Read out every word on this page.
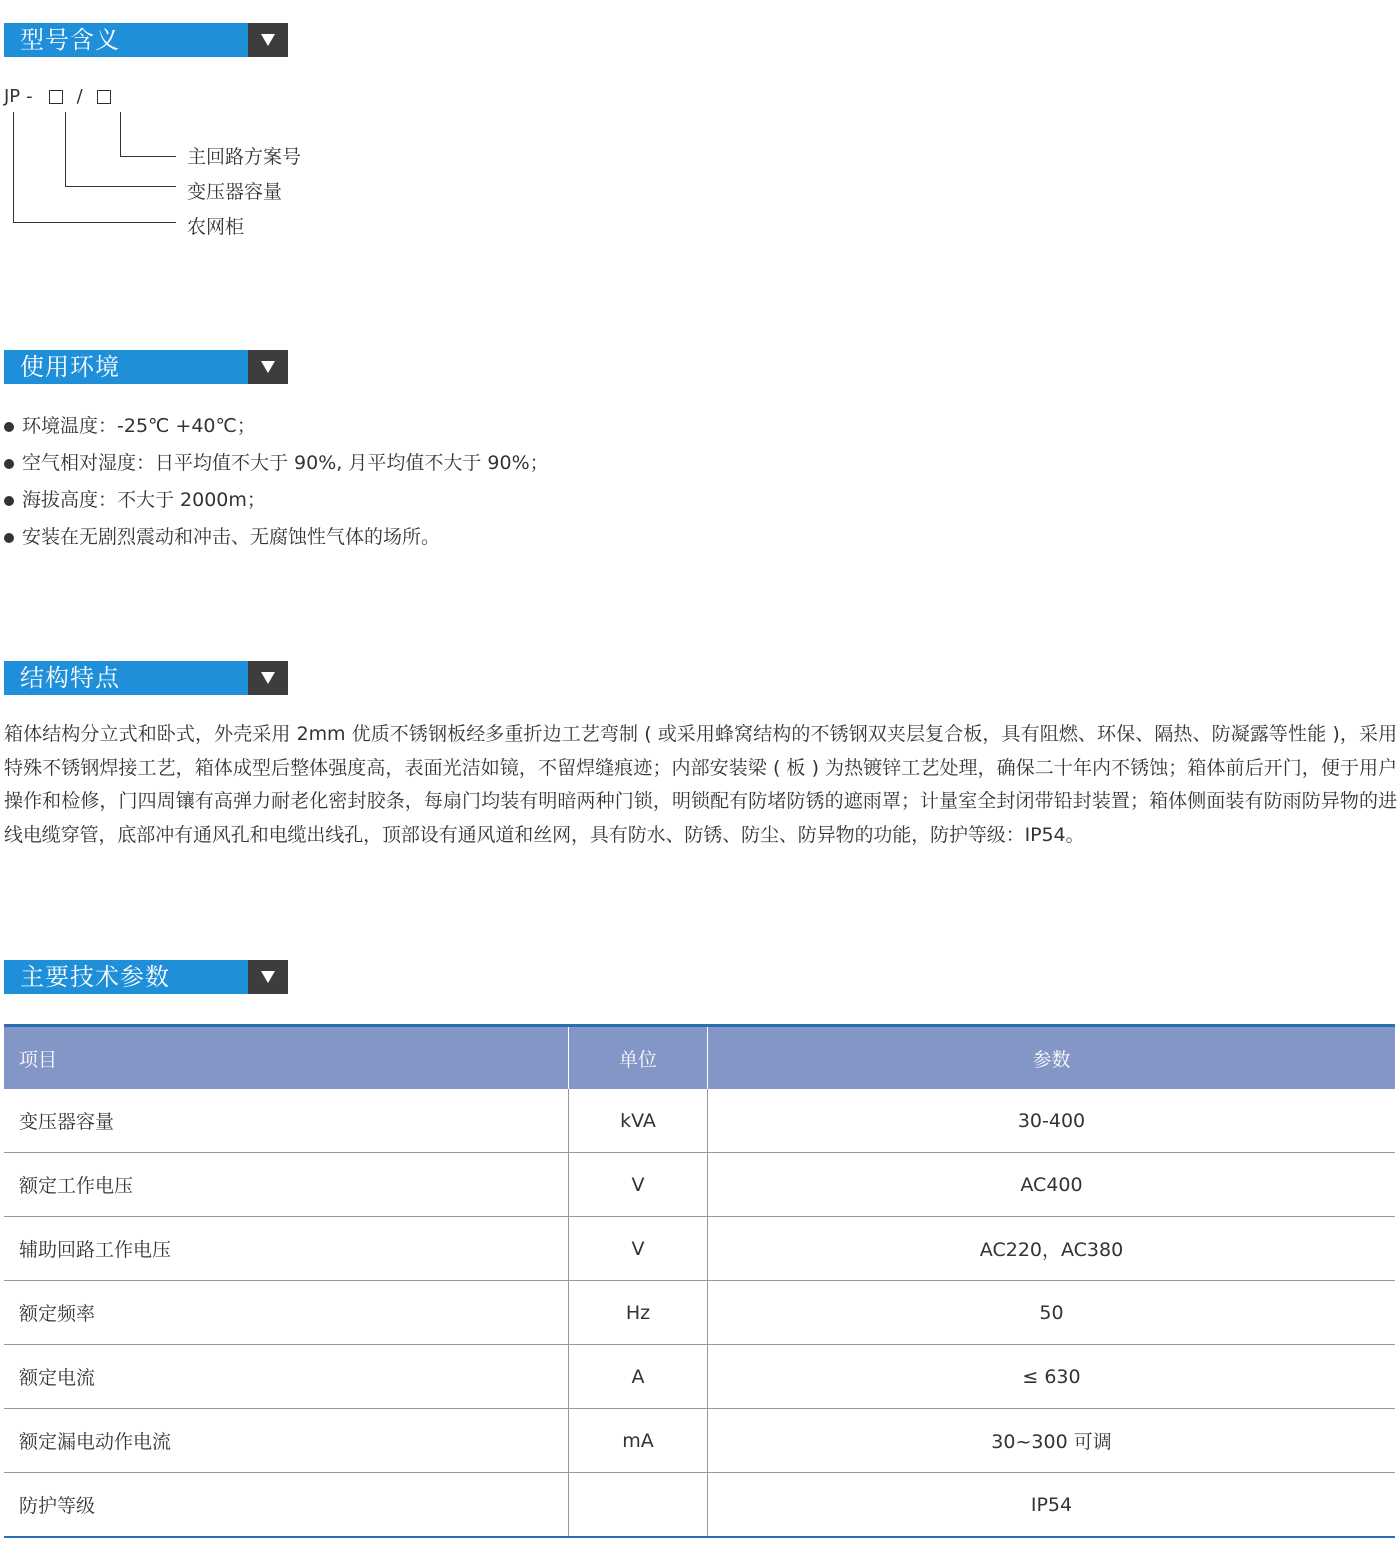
型号含义
JP - /
主回路方案号
变压器容量
农网柜
使用环境
环境温度：-25℃ +40℃；
空气相对湿度：日平均值不大于 90%, 月平均值不大于 90%；
海拔高度：不大于 2000m；
安装在无剧烈震动和冲击、无腐蚀性气体的场所。
结构特点

箱体结构分立式和卧式，外壳采用 2mm 优质不锈钢板经多重折边工艺弯制 ( 或采用蜂窝结构的不锈钢双夹层复合板，具有阻燃、环保、隔热、防凝露等性能 )，采用特殊不锈钢焊接工艺，箱体成型后整体强度高，表面光洁如镜，不留焊缝痕迹；内部安装梁 ( 板 ) 为热镀锌工艺处理，确保二十年内不锈蚀；箱体前后开门，便于用户操作和检修，门四周镶有高弹力耐老化密封胶条，每扇门均装有明暗两种门锁，明锁配有防堵防锈的遮雨罩；计量室全封闭带铅封装置；箱体侧面装有防雨防异物的进线电缆穿管，底部冲有通风孔和电缆出线孔，顶部设有通风道和丝网，具有防水、防锈、防尘、防异物的功能，防护等级：IP54。

主要技术参数
项目	单位	参数
变压器容量	kVA	30-400
额定工作电压	V	AC400
辅助回路工作电压	V	AC220，AC380
额定频率	Hz	50
额定电流	A	≤ 630
额定漏电动作电流	mA	30~300 可调
防护等级		IP54
